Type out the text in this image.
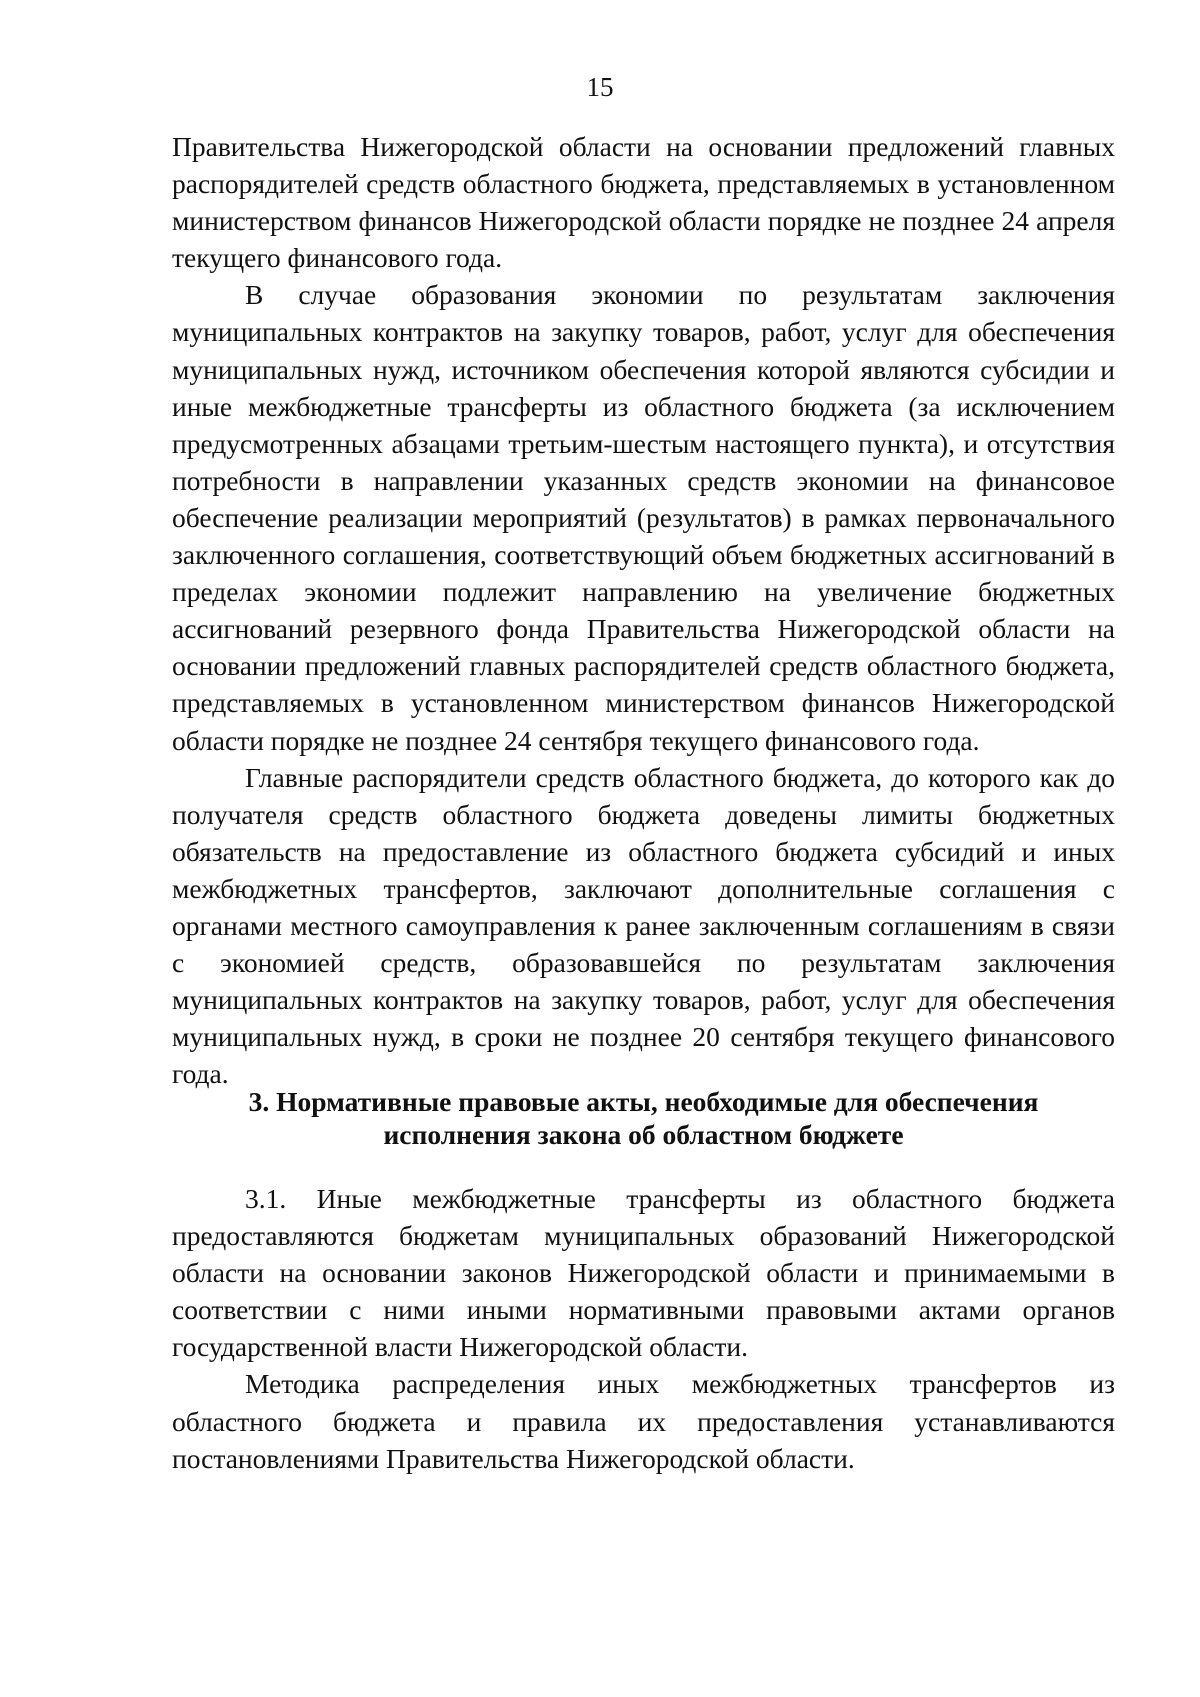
15

Правительства Нижегородской области на основании предложений главных распорядителей средств областного бюджета, представляемых в установленном министерством финансов Нижегородской области порядке не позднее 24 апреля текущего финансового года.

В случае образования экономии по результатам заключения муниципальных контрактов на закупку товаров, работ, услуг для обеспечения муниципальных нужд, источником обеспечения которой являются субсидии и иные межбюджетные трансферты из областного бюджета (за исключением предусмотренных абзацами третьим-шестым настоящего пункта), и отсутствия потребности в направлении указанных средств экономии на финансовое обеспечение реализации мероприятий (результатов) в рамках первоначального заключенного соглашения, соответствующий объем бюджетных ассигнований в пределах экономии подлежит направлению на увеличение бюджетных ассигнований резервного фонда Правительства Нижегородской области на основании предложений главных распорядителей средств областного бюджета, представляемых в установленном министерством финансов Нижегородской области порядке не позднее 24 сентября текущего финансового года.

Главные распорядители средств областного бюджета, до которого как до получателя средств областного бюджета доведены лимиты бюджетных обязательств на предоставление из областного бюджета субсидий и иных межбюджетных трансфертов, заключают дополнительные соглашения с органами местного самоуправления к ранее заключенным соглашениям в связи с экономией средств, образовавшейся по результатам заключения муниципальных контрактов на закупку товаров, работ, услуг для обеспечения муниципальных нужд, в сроки не позднее 20 сентября текущего финансового года.

3. Нормативные правовые акты, необходимые для обеспечения

исполнения закона об областном бюджете

3.1. Иные межбюджетные трансферты из областного бюджета предоставляются бюджетам муниципальных образований Нижегородской области на основании законов Нижегородской области и принимаемыми в соответствии с ними иными нормативными правовыми актами органов государственной власти Нижегородской области.

Методика распределения иных межбюджетных трансфертов из областного бюджета и правила их предоставления устанавливаются постановлениями Правительства Нижегородской области.
